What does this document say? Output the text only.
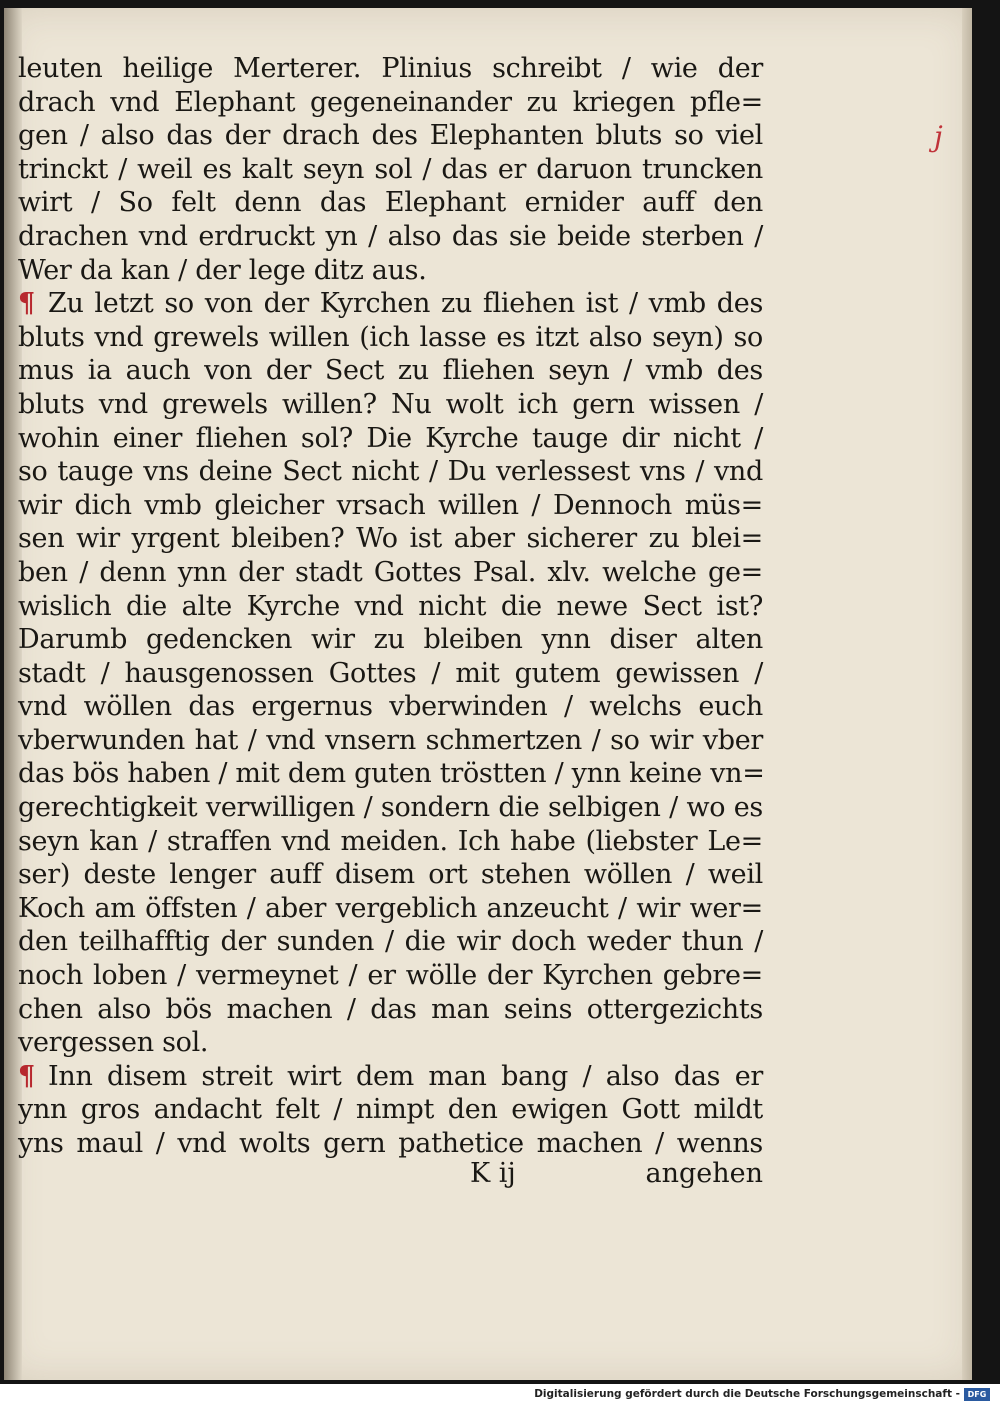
j
leuten heilige Merterer. Plinius schreibt / wie der
drach vnd Elephant gegeneinander zu kriegen pfle=
gen / also das der drach des Elephanten bluts so viel
trinckt / weil es kalt seyn sol / das er daruon truncken
wirt / So felt denn das Elephant ernider auff den
drachen vnd erdruckt yn / also das sie beide sterben /
Wer da kan / der lege ditz aus.
¶ Zu letzt so von der Kyrchen zu fliehen ist / vmb des
bluts vnd grewels willen (ich lasse es itzt also seyn) so
mus ia auch von der Sect zu fliehen seyn / vmb des
bluts vnd grewels willen? Nu wolt ich gern wissen /
wohin einer fliehen sol? Die Kyrche tauge dir nicht /
so tauge vns deine Sect nicht / Du verlessest vns / vnd
wir dich vmb gleicher vrsach willen / Dennoch müs=
sen wir yrgent bleiben? Wo ist aber sicherer zu blei=
ben / denn ynn der stadt Gottes Psal. xlv. welche ge=
wislich die alte Kyrche vnd nicht die newe Sect ist?
Darumb gedencken wir zu bleiben ynn diser alten
stadt / hausgenossen Gottes / mit gutem gewissen /
vnd wöllen das ergernus vberwinden / welchs euch
vberwunden hat / vnd vnsern schmertzen / so wir vber
das bös haben / mit dem guten tröstten / ynn keine vn=
gerechtigkeit verwilligen / sondern die selbigen / wo es
seyn kan / straffen vnd meiden. Ich habe (liebster Le=
ser) deste lenger auff disem ort stehen wöllen / weil
Koch am öffsten / aber vergeblich anzeucht / wir wer=
den teilhafftig der sunden / die wir doch weder thun /
noch loben / vermeynet / er wölle der Kyrchen gebre=
chen also bös machen / das man seins ottergezichts
vergessen sol.
¶ Inn disem streit wirt dem man bang / also das er
ynn gros andacht felt / nimpt den ewigen Gott mildt
yns maul / vnd wolts gern pathetice machen / wenns
K ij	angehen
Digitalisierung gefördert durch die Deutsche Forschungsgemeinschaft - DFG
